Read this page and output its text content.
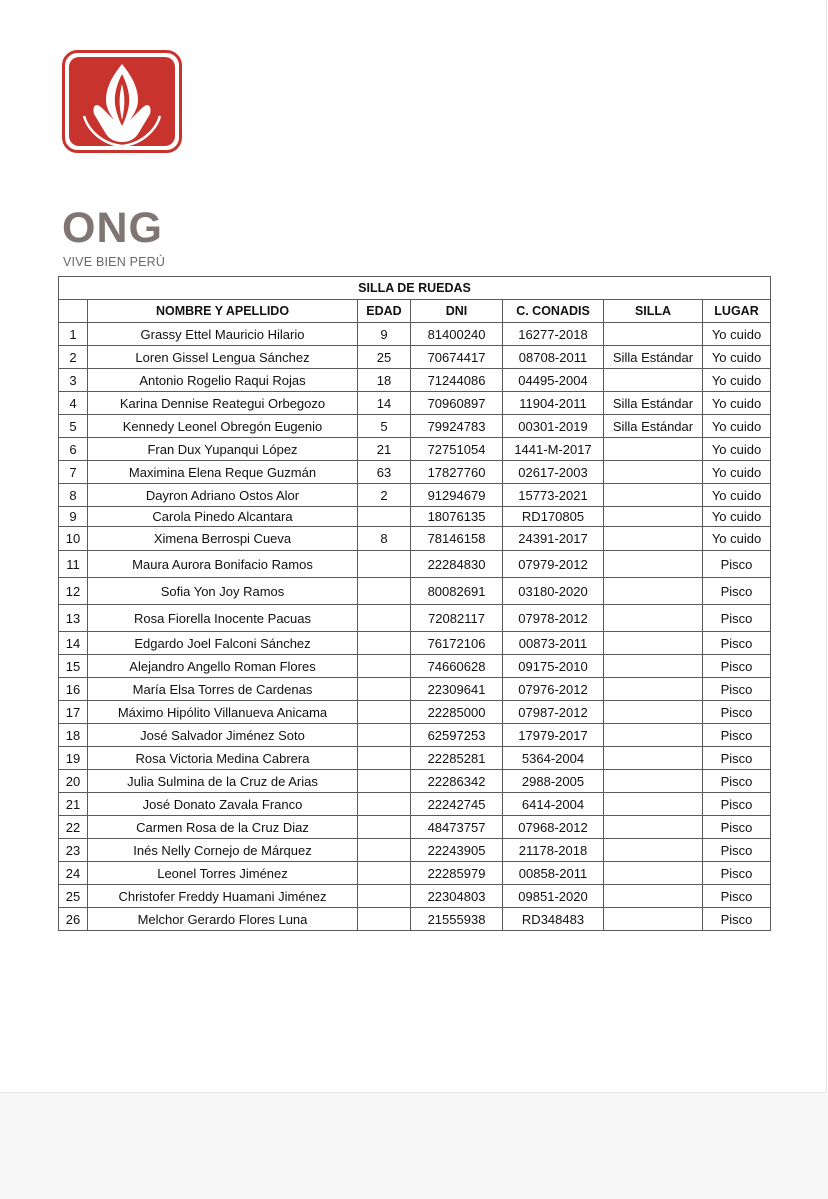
ONG
VIVE BIEN PERÚ
SILLA DE RUEDAS						
	NOMBRE Y APELLIDO	EDAD	DNI	C. CONADIS	SILLA	LUGAR
1	Grassy Ettel Mauricio Hilario	9	81400240	16277-2018		Yo cuido
2	Loren Gissel Lengua Sánchez	25	70674417	08708-2011	Silla Estándar	Yo cuido
3	Antonio Rogelio Raqui Rojas	18	71244086	04495-2004		Yo cuido
4	Karina Dennise Reategui Orbegozo	14	70960897	11904-2011	Silla Estándar	Yo cuido
5	Kennedy Leonel Obregón Eugenio	5	79924783	00301-2019	Silla Estándar	Yo cuido
6	Fran Dux Yupanqui López	21	72751054	1441-M-2017		Yo cuido
7	Maximina Elena Reque Guzmán	63	17827760	02617-2003		Yo cuido
8	Dayron Adriano Ostos Alor	2	91294679	15773-2021		Yo cuido
9	Carola Pinedo Alcantara		18076135	RD170805		Yo cuido
10	Ximena Berrospi Cueva	8	78146158	24391-2017		Yo cuido
11	Maura Aurora Bonifacio Ramos		22284830	07979-2012		Pisco
12	Sofia Yon Joy Ramos		80082691	03180-2020		Pisco
13	Rosa Fiorella Inocente Pacuas		72082117	07978-2012		Pisco
14	Edgardo Joel Falconi Sánchez		76172106	00873-2011		Pisco
15	Alejandro Angello Roman Flores		74660628	09175-2010		Pisco
16	María Elsa Torres de Cardenas		22309641	07976-2012		Pisco
17	Máximo Hipólito Villanueva Anicama		22285000	07987-2012		Pisco
18	José Salvador Jiménez Soto		62597253	17979-2017		Pisco
19	Rosa Victoria Medina Cabrera		22285281	5364-2004		Pisco
20	Julia Sulmina de la Cruz de Arias		22286342	2988-2005		Pisco
21	José Donato Zavala Franco		22242745	6414-2004		Pisco
22	Carmen Rosa de la Cruz Diaz		48473757	07968-2012		Pisco
23	Inés Nelly Cornejo de Márquez		22243905	21178-2018		Pisco
24	Leonel Torres Jiménez		22285979	00858-2011		Pisco
25	Christofer Freddy Huamani Jiménez		22304803	09851-2020		Pisco
26	Melchor Gerardo Flores Luna		21555938	RD348483		Pisco
